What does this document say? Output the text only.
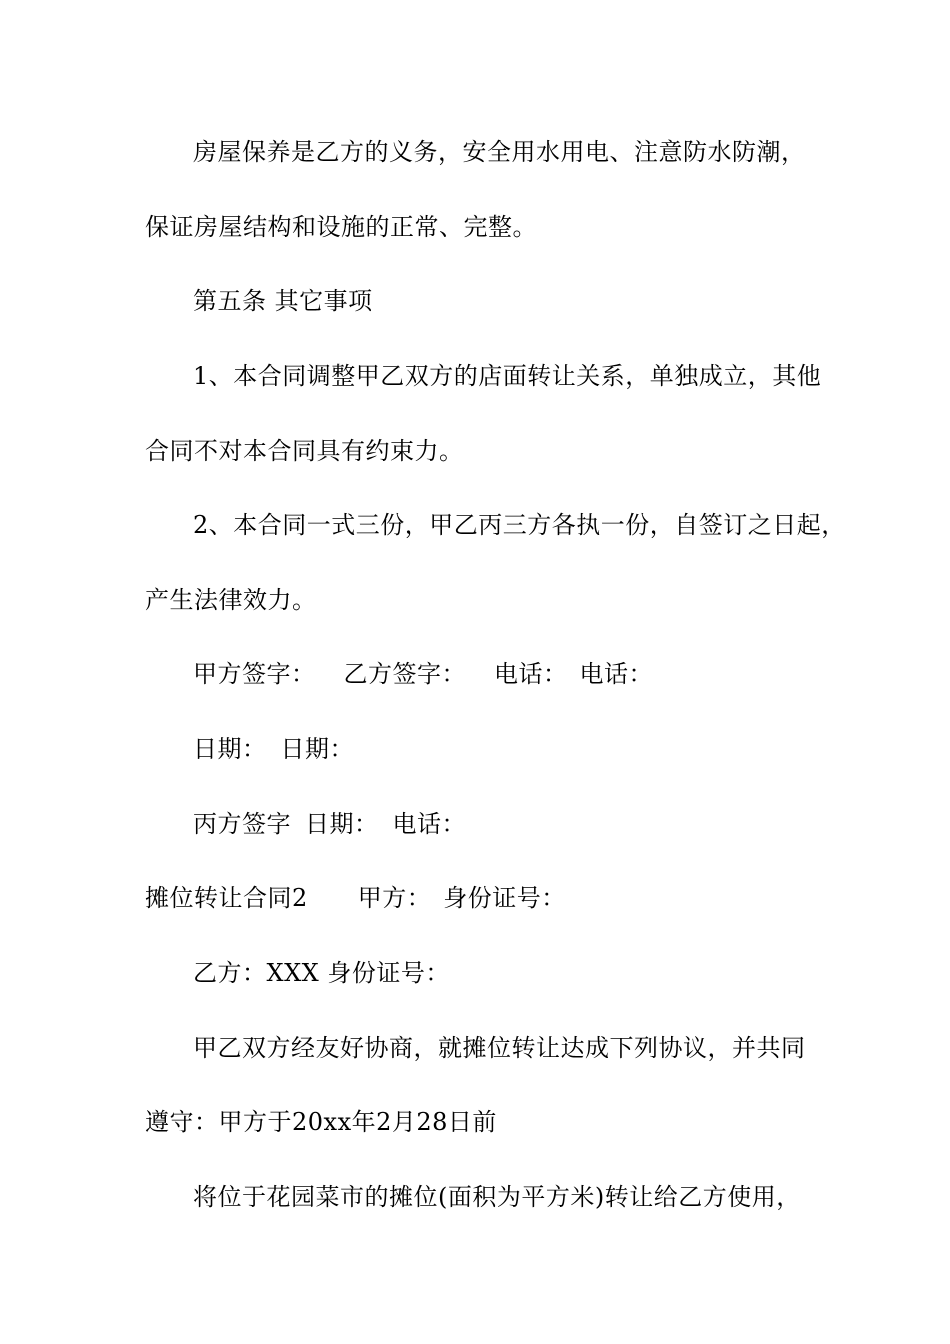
房屋保养是乙方的义务，安全用水用电、注意防水防潮，
保证房屋结构和设施的正常、完整。
第五条 其它事项
1、本合同调整甲乙双方的店面转让关系，单独成立，其他
合同不对本合同具有约束力。
2、本合同一式三份，甲乙丙三方各执一份，自签订之日起，
产生法律效力。
甲方签字： 乙方签字： 电话： 电话：
日期： 日期：
丙方签字 日期： 电话：
摊位转让合同2 甲方： 身份证号：
乙方：XXX 身份证号：
甲乙双方经友好协商，就摊位转让达成下列协议，并共同
遵守：甲方于20xx年2月28日前
将位于花园菜市的摊位(面积为平方米)转让给乙方使用，
